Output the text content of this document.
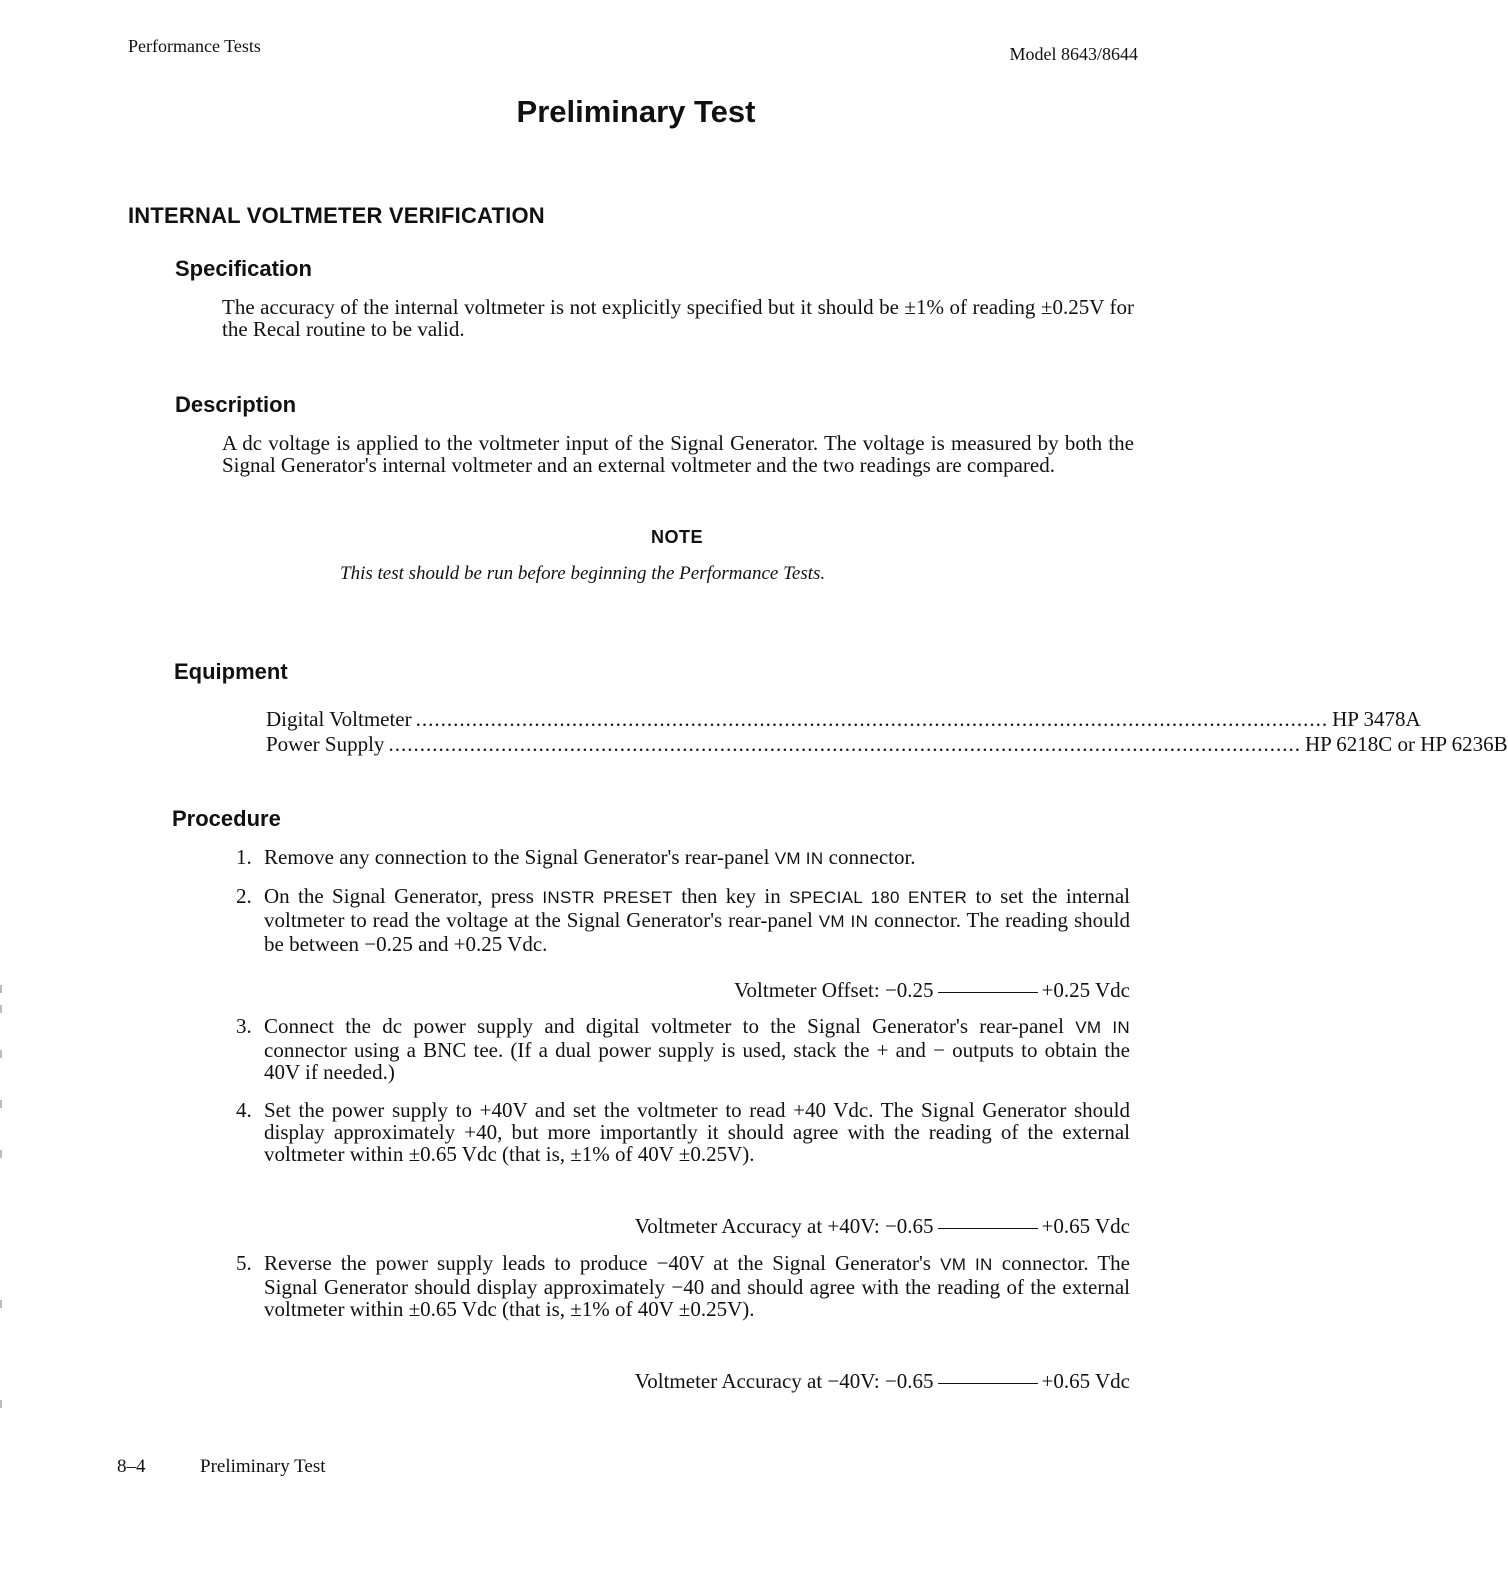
Performance Tests	Model 8643/8644
Preliminary Test
INTERNAL VOLTMETER VERIFICATION
Specification
The accuracy of the internal voltmeter is not explicitly specified but it should be ±1% of reading ±0.25V for the Recal routine to be valid.
Description
A dc voltage is applied to the voltmeter input of the Signal Generator. The voltage is measured by both the Signal Generator's internal voltmeter and an external voltmeter and the two readings are compared.
NOTE
This test should be run before beginning the Performance Tests.
Equipment
Digital Voltmeter .................................................................................................................................................. HP 3478A
Power Supply .................................................................................................................................................. HP 6218C or HP 6236B
Procedure
1. Remove any connection to the Signal Generator's rear-panel VM IN connector.
2. On the Signal Generator, press INSTR PRESET then key in SPECIAL 180 ENTER to set the internal voltmeter to read the voltage at the Signal Generator's rear-panel VM IN connector. The reading should be between −0.25 and +0.25 Vdc.
Voltmeter Offset: −0.25	+0.25 Vdc
3. Connect the dc power supply and digital voltmeter to the Signal Generator's rear-panel VM IN connector using a BNC tee. (If a dual power supply is used, stack the + and − outputs to obtain the 40V if needed.)
4. Set the power supply to +40V and set the voltmeter to read +40 Vdc. The Signal Generator should display approximately +40, but more importantly it should agree with the reading of the external voltmeter within ±0.65 Vdc (that is, ±1% of 40V ±0.25V).
Voltmeter Accuracy at +40V: −0.65	+0.65 Vdc
5. Reverse the power supply leads to produce −40V at the Signal Generator's VM IN connector. The Signal Generator should display approximately −40 and should agree with the reading of the external voltmeter within ±0.65 Vdc (that is, ±1% of 40V ±0.25V).
Voltmeter Accuracy at −40V: −0.65	+0.65 Vdc
8–4	Preliminary Test
